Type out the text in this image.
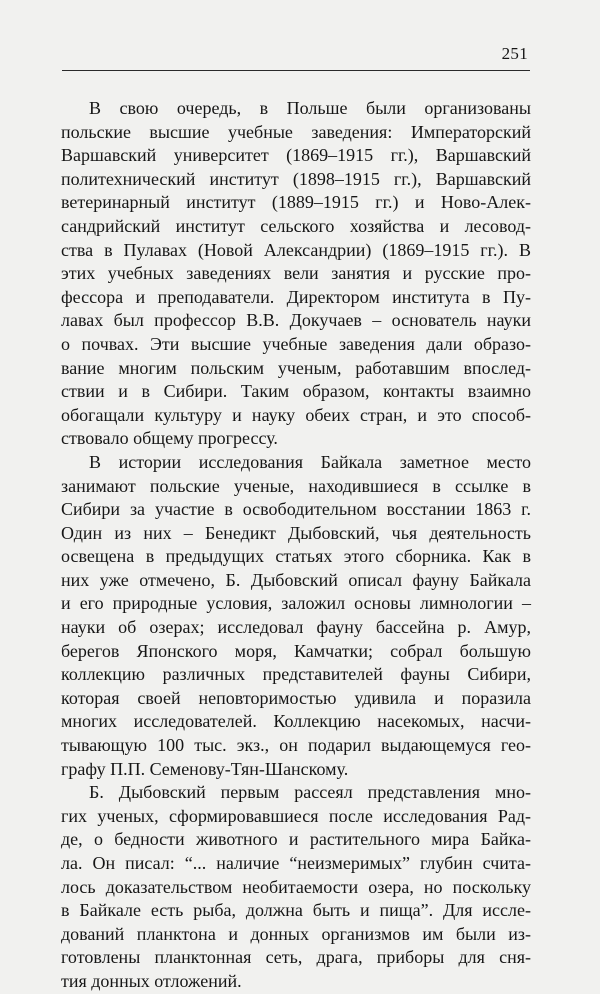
251
В свою очередь, в Польше были организованы
польские высшие учебные заведения: Императорский
Варшавский университет (1869–1915 гг.), Варшавский
политехнический институт (1898–1915 гг.), Варшавский
ветеринарный институт (1889–1915 гг.) и Ново-Алек-
сандрийский институт сельского хозяйства и лесовод-
ства в Пулавах (Новой Александрии) (1869–1915 гг.). В
этих учебных заведениях вели занятия и русские про-
фессора и преподаватели. Директором института в Пу-
лавах был профессор В.В. Докучаев – основатель науки
о почвах. Эти высшие учебные заведения дали образо-
вание многим польским ученым, работавшим впослед-
ствии и в Сибири. Таким образом, контакты взаимно
обогащали культуру и науку обеих стран, и это способ-
ствовало общему прогрессу.
В истории исследования Байкала заметное место
занимают польские ученые, находившиеся в ссылке в
Сибири за участие в освободительном восстании 1863 г.
Один из них – Бенедикт Дыбовский, чья деятельность
освещена в предыдущих статьях этого сборника. Как в
них уже отмечено, Б. Дыбовский описал фауну Байкала
и его природные условия, заложил основы лимнологии –
науки об озерах; исследовал фауну бассейна р. Амур,
берегов Японского моря, Камчатки; собрал большую
коллекцию различных представителей фауны Сибири,
которая своей неповторимостью удивила и поразила
многих исследователей. Коллекцию насекомых, насчи-
тывающую 100 тыс. экз., он подарил выдающемуся гео-
графу П.П. Семенову-Тян-Шанскому.
Б. Дыбовский первым рассеял представления мно-
гих ученых, сформировавшиеся после исследования Рад-
де, о бедности животного и растительного мира Байка-
ла. Он писал: “... наличие “неизмеримых” глубин счита-
лось доказательством необитаемости озера, но поскольку
в Байкале есть рыба, должна быть и пища”. Для иссле-
дований планктона и донных организмов им были из-
готовлены планктонная сеть, драга, приборы для сня-
тия донных отложений.
